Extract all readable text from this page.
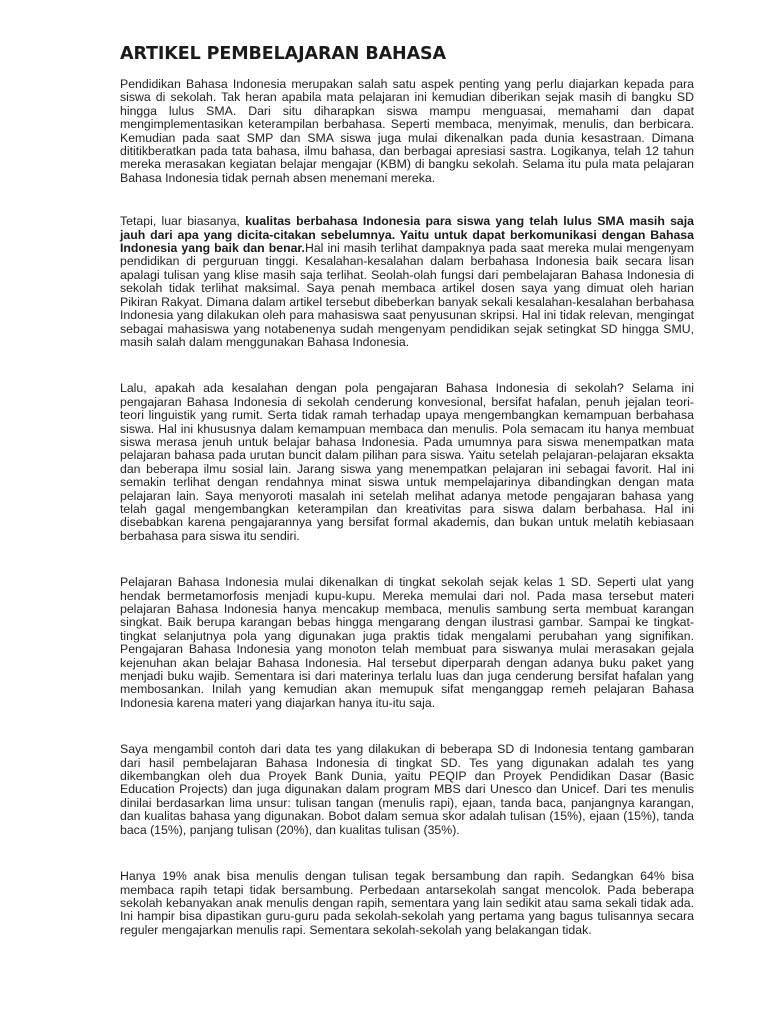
ARTIKEL PEMBELAJARAN BAHASA

Pendidikan Bahasa Indonesia merupakan salah satu aspek penting yang perlu diajarkan kepada para siswa di sekolah. Tak heran apabila mata pelajaran ini kemudian diberikan sejak masih di bangku SD hingga lulus SMA. Dari situ diharapkan siswa mampu menguasai, memahami dan dapat mengimplementasikan keterampilan berbahasa. Seperti membaca, menyimak, menulis, dan berbicara. Kemudian pada saat SMP dan SMA siswa juga mulai dikenalkan pada dunia kesastraan. Dimana dititikberatkan pada tata bahasa, ilmu bahasa, dan berbagai apresiasi sastra. Logikanya, telah 12 tahun mereka merasakan kegiatan belajar mengajar (KBM) di bangku sekolah. Selama itu pula mata pelajaran Bahasa Indonesia tidak pernah absen menemani mereka.

Tetapi, luar biasanya, kualitas berbahasa Indonesia para siswa yang telah lulus SMA masih saja jauh dari apa yang dicita-citakan sebelumnya. Yaitu untuk dapat berkomunikasi dengan Bahasa Indonesia yang baik dan benar.Hal ini masih terlihat dampaknya pada saat mereka mulai mengenyam pendidikan di perguruan tinggi. Kesalahan-kesalahan dalam berbahasa Indonesia baik secara lisan apalagi tulisan yang klise masih saja terlihat. Seolah-olah fungsi dari pembelajaran Bahasa Indonesia di sekolah tidak terlihat maksimal. Saya penah membaca artikel dosen saya yang dimuat oleh harian Pikiran Rakyat. Dimana dalam artikel tersebut dibeberkan banyak sekali kesalahan-kesalahan berbahasa Indonesia yang dilakukan oleh para mahasiswa saat penyusunan skripsi. Hal ini tidak relevan, mengingat sebagai mahasiswa yang notabenenya sudah mengenyam pendidikan sejak setingkat SD hingga SMU, masih salah dalam menggunakan Bahasa Indonesia.

Lalu, apakah ada kesalahan dengan pola pengajaran Bahasa Indonesia di sekolah? Selama ini pengajaran Bahasa Indonesia di sekolah cenderung konvesional, bersifat hafalan, penuh jejalan teori-teori linguistik yang rumit. Serta tidak ramah terhadap upaya mengembangkan kemampuan berbahasa siswa. Hal ini khususnya dalam kemampuan membaca dan menulis. Pola semacam itu hanya membuat siswa merasa jenuh untuk belajar bahasa Indonesia. Pada umumnya para siswa menempatkan mata pelajaran bahasa pada urutan buncit dalam pilihan para siswa. Yaitu setelah pelajaran-pelajaran eksakta dan beberapa ilmu sosial lain. Jarang siswa yang menempatkan pelajaran ini sebagai favorit. Hal ini semakin terlihat dengan rendahnya minat siswa untuk mempelajarinya dibandingkan dengan mata pelajaran lain. Saya menyoroti masalah ini setelah melihat adanya metode pengajaran bahasa yang telah gagal mengembangkan keterampilan dan kreativitas para siswa dalam berbahasa. Hal ini disebabkan karena pengajarannya yang bersifat formal akademis, dan bukan untuk melatih kebiasaan berbahasa para siswa itu sendiri.

Pelajaran Bahasa Indonesia mulai dikenalkan di tingkat sekolah sejak kelas 1 SD. Seperti ulat yang hendak bermetamorfosis menjadi kupu-kupu. Mereka memulai dari nol. Pada masa tersebut materi pelajaran Bahasa Indonesia hanya mencakup membaca, menulis sambung serta membuat karangan singkat. Baik berupa karangan bebas hingga mengarang dengan ilustrasi gambar. Sampai ke tingkat-tingkat selanjutnya pola yang digunakan juga praktis tidak mengalami perubahan yang signifikan. Pengajaran Bahasa Indonesia yang monoton telah membuat para siswanya mulai merasakan gejala kejenuhan akan belajar Bahasa Indonesia. Hal tersebut diperparah dengan adanya buku paket yang menjadi buku wajib. Sementara isi dari materinya terlalu luas dan juga cenderung bersifat hafalan yang membosankan. Inilah yang kemudian akan memupuk sifat menganggap remeh pelajaran Bahasa Indonesia karena materi yang diajarkan hanya itu-itu saja.

Saya mengambil contoh dari data tes yang dilakukan di beberapa SD di Indonesia tentang gambaran dari hasil pembelajaran Bahasa Indonesia di tingkat SD. Tes yang digunakan adalah tes yang dikembangkan oleh dua Proyek Bank Dunia, yaitu PEQIP dan Proyek Pendidikan Dasar (Basic Education Projects) dan juga digunakan dalam program MBS dari Unesco dan Unicef. Dari tes menulis dinilai berdasarkan lima unsur: tulisan tangan (menulis rapi), ejaan, tanda baca, panjangnya karangan, dan kualitas bahasa yang digunakan. Bobot dalam semua skor adalah tulisan (15%), ejaan (15%), tanda baca (15%), panjang tulisan (20%), dan kualitas tulisan (35%).

Hanya 19% anak bisa menulis dengan tulisan tegak bersambung dan rapih. Sedangkan 64% bisa membaca rapih tetapi tidak bersambung. Perbedaan antarsekolah sangat mencolok. Pada beberapa sekolah kebanyakan anak menulis dengan rapih, sementara yang lain sedikit atau sama sekali tidak ada. Ini hampir bisa dipastikan guru-guru pada sekolah-sekolah yang pertama yang bagus tulisannya secara reguler mengajarkan menulis rapi. Sementara sekolah-sekolah yang belakangan tidak.
